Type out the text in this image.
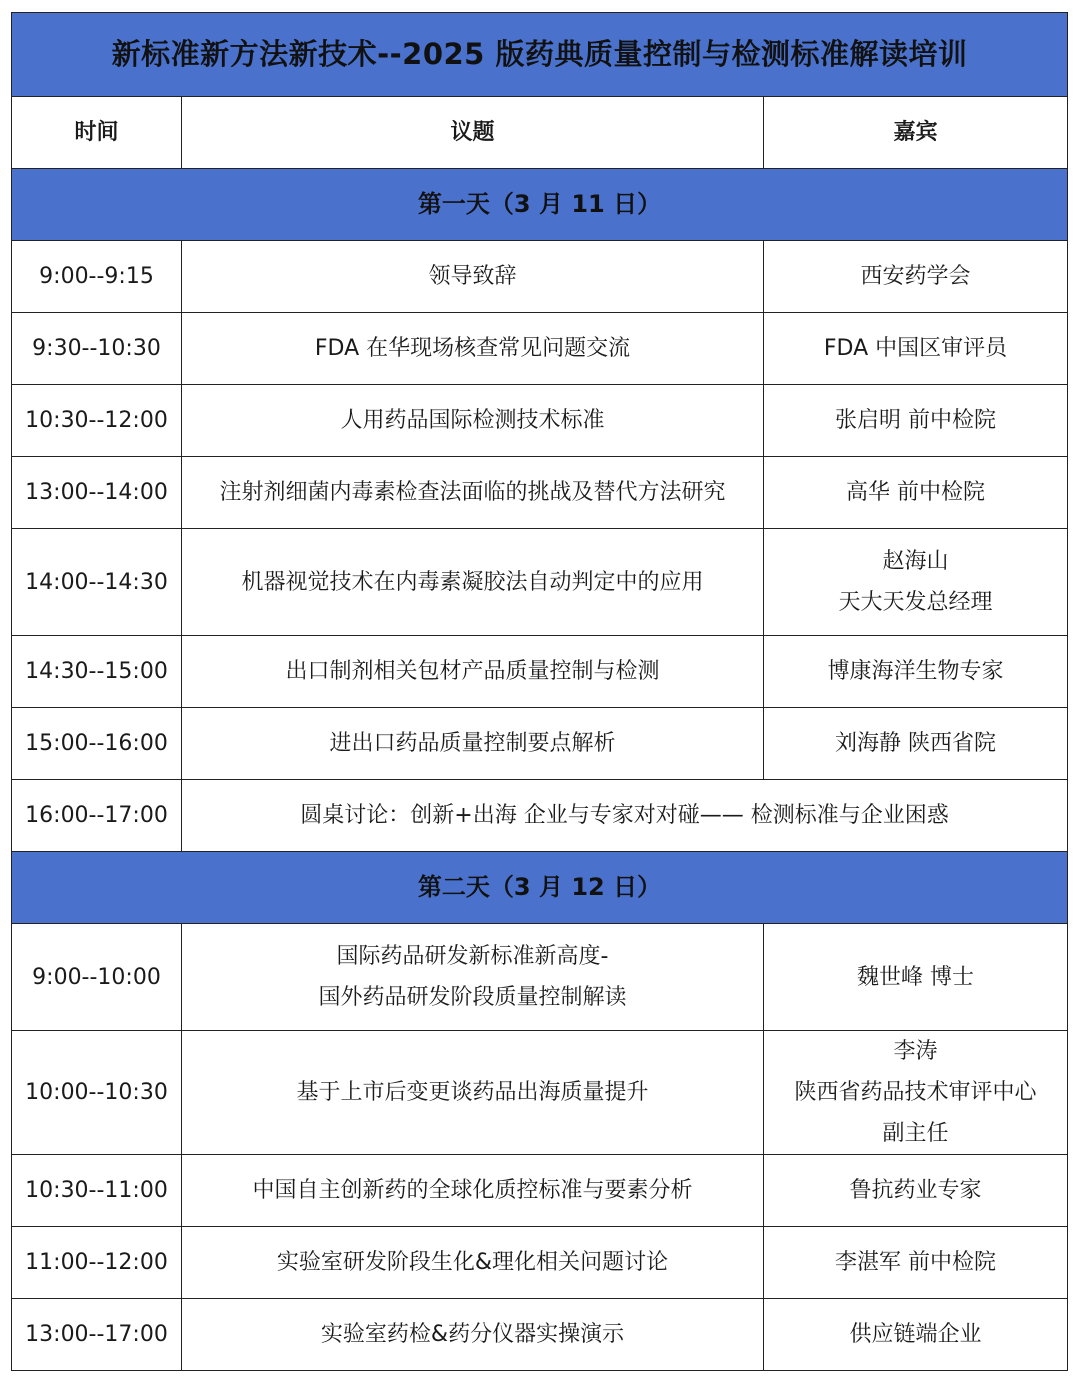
新标准新方法新技术--2025 版药典质量控制与检测标准解读培训		
时间	议题	嘉宾
第一天（3 月 11 日）		
9:00--9:15	领导致辞	西安药学会

9:30--10:30	FDA 在华现场核查常见问题交流	FDA 中国区审评员

10:30--12:00	人用药品国际检测技术标准	张启明 前中检院

13:00--14:00	注射剂细菌内毒素检查法面临的挑战及替代方法研究	高华 前中检院

14:00--14:30	机器视觉技术在内毒素凝胶法自动判定中的应用	赵海山
天大天发总经理

14:30--15:00	出口制剂相关包材产品质量控制与检测	博康海洋生物专家

15:00--16:00	进出口药品质量控制要点解析	刘海静 陕西省院

16:00--17:00	圆桌讨论：创新+出海 企业与专家对对碰—— 检测标准与企业困惑	
第二天（3 月 12 日）		
9:00--10:00	国际药品研发新标准新高度-
国外药品研发阶段质量控制解读	魏世峰 博士

10:00--10:30	基于上市后变更谈药品出海质量提升	李涛
陕西省药品技术审评中心
副主任

10:30--11:00	中国自主创新药的全球化质控标准与要素分析	鲁抗药业专家

11:00--12:00	实验室研发阶段生化&理化相关问题讨论	李湛军 前中检院

13:00--17:00	实验室药检&药分仪器实操演示	供应链端企业
